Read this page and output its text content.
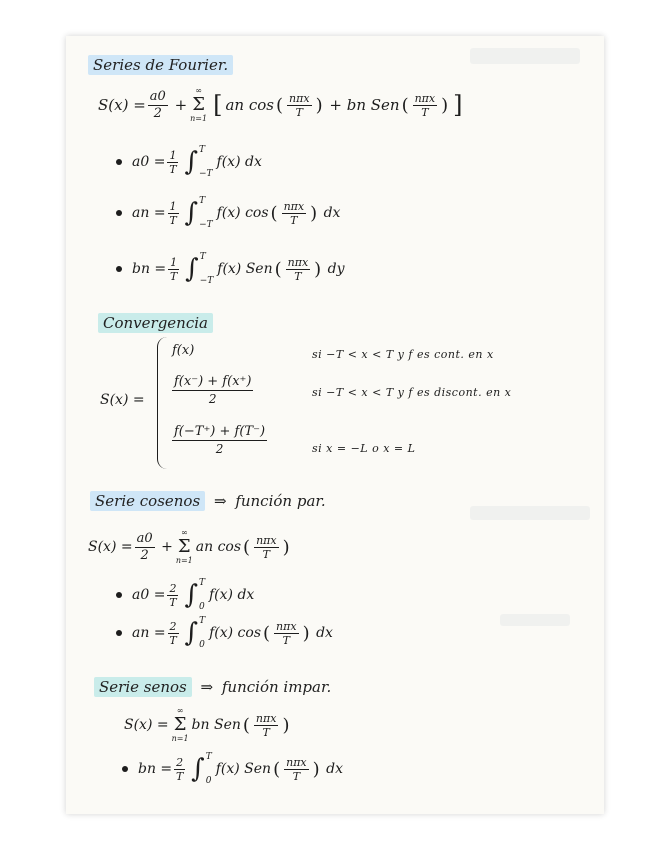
Series de Fourier.
$S(x) = \frac{a0}{2}$ +
∞
Σ
n=1 [ an cos ( $\frac{\text{nπx}}{T}$ )
+ bn Sen ( $\frac{\text{nπx}}{T}$ ) ]
$a0 = \frac{1}{T}$ ∫ T
−T
f(x) dx
an = $\frac{1}{T}$ ∫ T
−T
f(x) cos ( $\frac{\text{nπx}}{T}$ )
dx
bn = $\frac{1}{T}$ ∫ T
−T
f(x) Sen ( $\frac{\text{nπx}}{T}$ )
dy
Convergencia
S(x) =
f(x)	si −T < x < T y f es cont. en x
$\frac{f(x^-) + f(x^+)}{2}$	si −T < x < T y f es discont. en x
$\frac{f(-T^+) + f(T^-)}{2}$	si x = −L o x = L
Serie cosenos ⇒ función par.
$S(x) = \frac{a0}{2}$ +
∞
Σ
n=1
an cos ( $\frac{\text{nπx}}{T}$ )
$a0 = \frac{2}{T}$ ∫ T
0
f(x) dx
an = $\frac{2}{T}$ ∫ T
0
f(x) cos ( $\frac{\text{nπx}}{T}$ )
dx
Serie senos ⇒ función impar.
S(x) =
∞
Σ
n=1
bn Sen ( $\frac{\text{nπx}}{T}$ )
bn = $\frac{2}{T}$ ∫ T
0
f(x) Sen ( $\frac{\text{nπx}}{T}$ )
dx
